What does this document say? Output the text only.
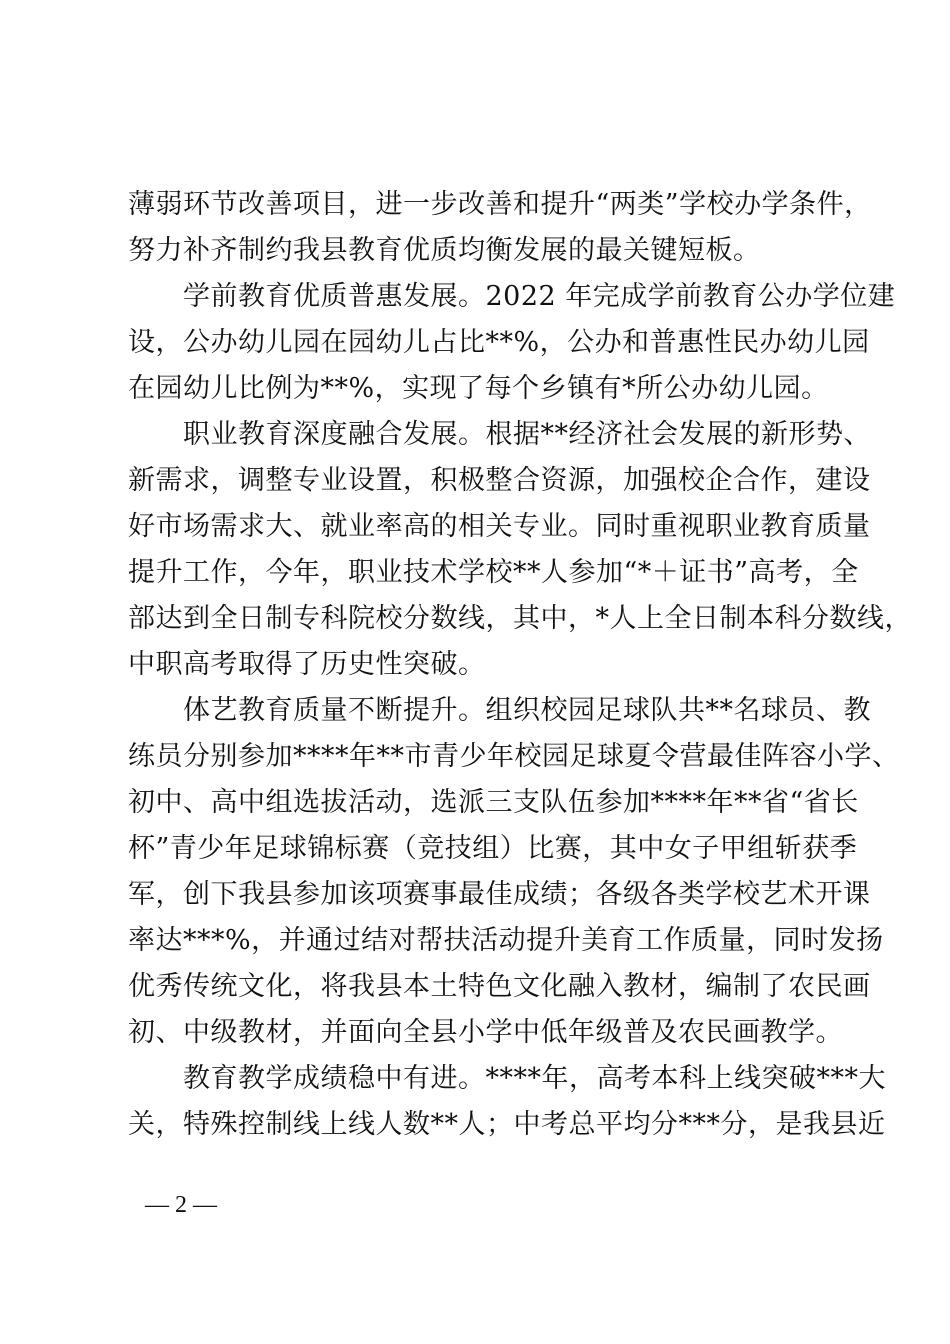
薄弱环节改善项目，进一步改善和提升“两类”学校办学条件，
努力补齐制约我县教育优质均衡发展的最关键短板。
　　学前教育优质普惠发展。2022 年完成学前教育公办学位建
设，公办幼儿园在园幼儿占比**%，公办和普惠性民办幼儿园
在园幼儿比例为**%，实现了每个乡镇有*所公办幼儿园。
　　职业教育深度融合发展。根据**经济社会发展的新形势、
新需求，调整专业设置，积极整合资源，加强校企合作，建设
好市场需求大、就业率高的相关专业。同时重视职业教育质量
提升工作，今年，职业技术学校**人参加“*＋证书”高考，全
部达到全日制专科院校分数线，其中，*人上全日制本科分数线，
中职高考取得了历史性突破。
　　体艺教育质量不断提升。组织校园足球队共**名球员、教
练员分别参加****年**市青少年校园足球夏令营最佳阵容小学、
初中、高中组选拔活动，选派三支队伍参加****年**省“省长
杯”青少年足球锦标赛（竞技组）比赛，其中女子甲组斩获季
军，创下我县参加该项赛事最佳成绩；各级各类学校艺术开课
率达***%，并通过结对帮扶活动提升美育工作质量，同时发扬
优秀传统文化，将我县本土特色文化融入教材，编制了农民画
初、中级教材，并面向全县小学中低年级普及农民画教学。
　　教育教学成绩稳中有进。****年，高考本科上线突破***大
关，特殊控制线上线人数**人；中考总平均分***分，是我县近
— 2 —
